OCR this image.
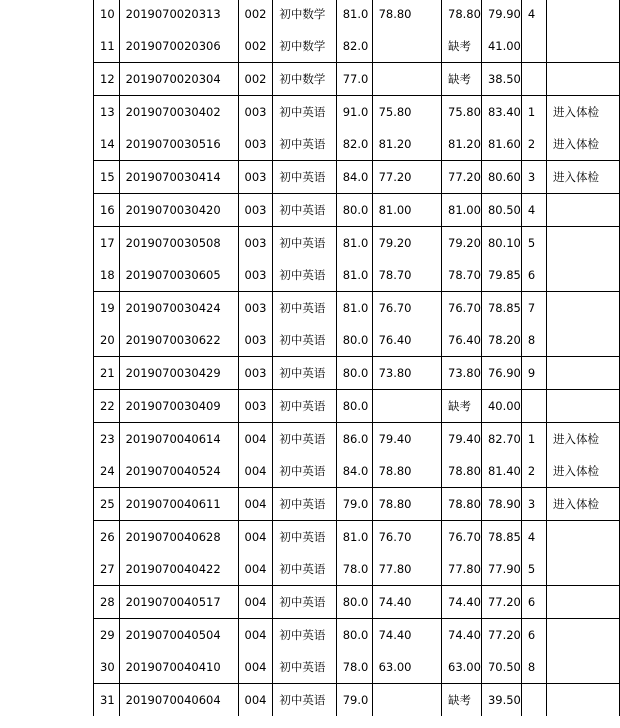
10	2019070020313	002	初中数学	81.0	78.80	78.80	79.90	4	
11	2019070020306	002	初中数学	82.0		缺考	41.00		
12	2019070020304	002	初中数学	77.0		缺考	38.50		
13	2019070030402	003	初中英语	91.0	75.80	75.80	83.40	1	进入体检
14	2019070030516	003	初中英语	82.0	81.20	81.20	81.60	2	进入体检
15	2019070030414	003	初中英语	84.0	77.20	77.20	80.60	3	进入体检
16	2019070030420	003	初中英语	80.0	81.00	81.00	80.50	4	
17	2019070030508	003	初中英语	81.0	79.20	79.20	80.10	5	
18	2019070030605	003	初中英语	81.0	78.70	78.70	79.85	6	
19	2019070030424	003	初中英语	81.0	76.70	76.70	78.85	7	
20	2019070030622	003	初中英语	80.0	76.40	76.40	78.20	8	
21	2019070030429	003	初中英语	80.0	73.80	73.80	76.90	9	
22	2019070030409	003	初中英语	80.0		缺考	40.00		
23	2019070040614	004	初中英语	86.0	79.40	79.40	82.70	1	进入体检
24	2019070040524	004	初中英语	84.0	78.80	78.80	81.40	2	进入体检
25	2019070040611	004	初中英语	79.0	78.80	78.80	78.90	3	进入体检
26	2019070040628	004	初中英语	81.0	76.70	76.70	78.85	4	
27	2019070040422	004	初中英语	78.0	77.80	77.80	77.90	5	
28	2019070040517	004	初中英语	80.0	74.40	74.40	77.20	6	
29	2019070040504	004	初中英语	80.0	74.40	74.40	77.20	6	
30	2019070040410	004	初中英语	78.0	63.00	63.00	70.50	8	
31	2019070040604	004	初中英语	79.0		缺考	39.50		
